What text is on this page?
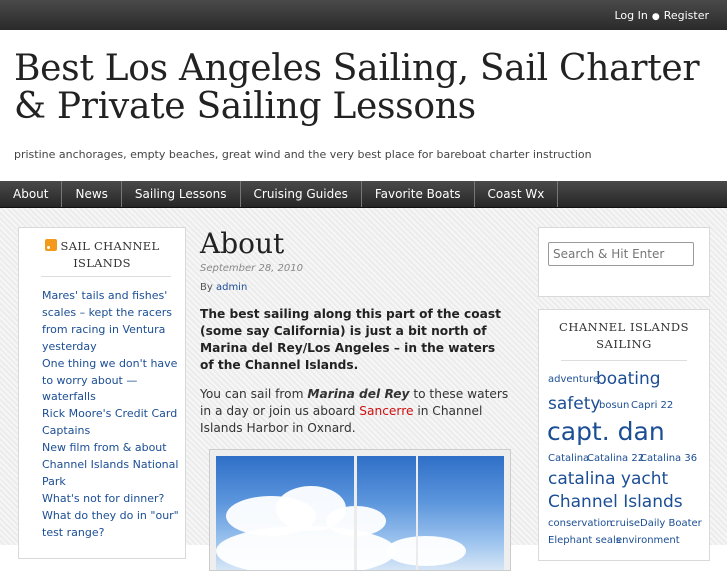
Log In ● Register
Best Los Angeles Sailing, Sail Charter & Private Sailing Lessons
pristine anchorages, empty beaches, great wind and the very best place for bareboat charter instruction
About	News	Sailing Lessons	Cruising Guides	Favorite Boats	Coast Wx
SAIL CHANNEL
ISLANDS
Mares' tails and fishes' scales – kept the racers from racing in Ventura yesterday
One thing we don't have to worry about — waterfalls
Rick Moore's Credit Card Captains
New film from & about Channel Islands National Park
What's not for dinner?
What do they do in "our" test range?
About
September 28, 2010
By admin

The best sailing along this part of the coast (some say California) is just a bit north of Marina del Rey/Los Angeles – in the waters of the Channel Islands.

You can sail from Marina del Rey to these waters in a day or join us aboard Sancerre in Channel Islands Harbor in Oxnard.

Search & Hit Enter
CHANNEL ISLANDS
SAILING
adventure
boating
safety
bosun Capri 22
capt. dan
Catalina
Catalina 22
Catalina 36
catalina yacht
Channel Islands
conservation
cruise Daily Boater
Elephant seals
environment
